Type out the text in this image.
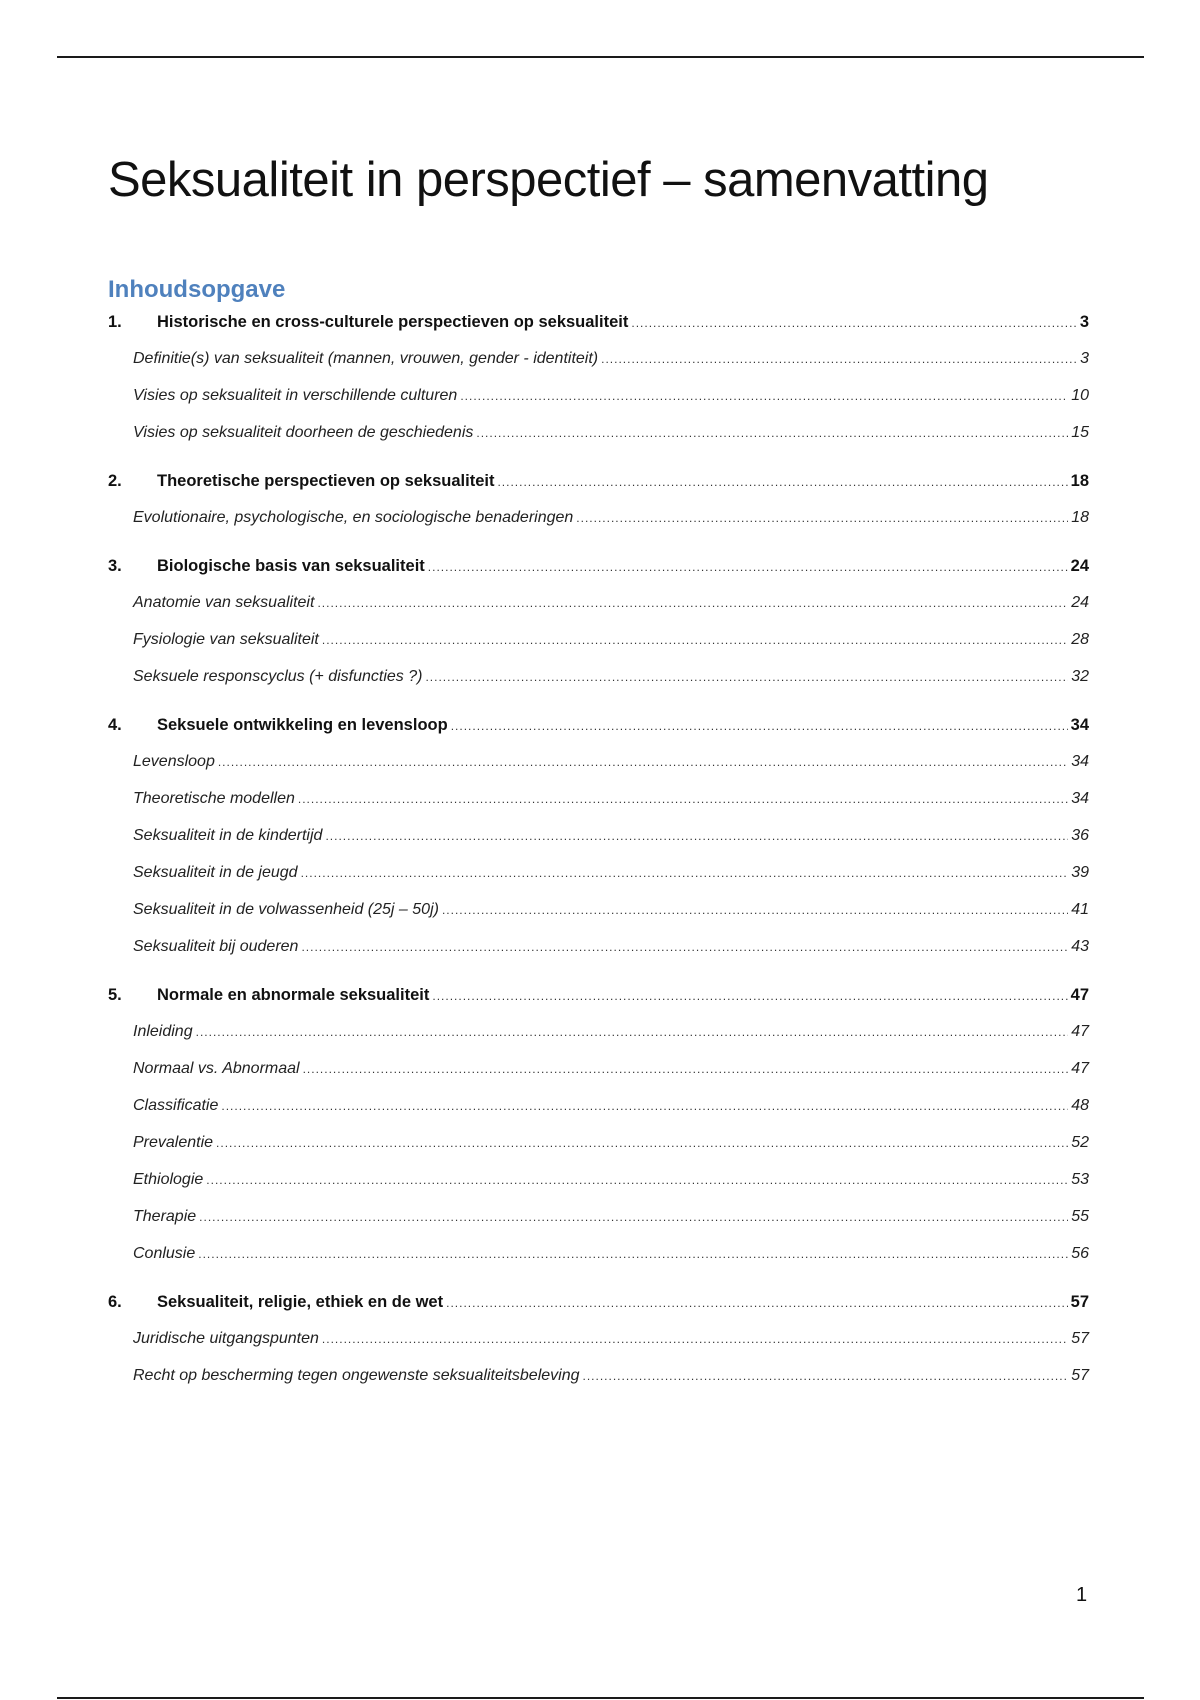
Seksualiteit in perspectief – samenvatting
Inhoudsopgave
1.	Historische en cross-culturele perspectieven op seksualiteit .....	3
Definitie(s) van seksualiteit (mannen, vrouwen, gender - identiteit) .....	3
Visies op seksualiteit in verschillende culturen .....	10
Visies op seksualiteit doorheen de geschiedenis .....	15
2.	Theoretische perspectieven op seksualiteit .....	18
Evolutionaire, psychologische, en sociologische benaderingen .....	18
3.	Biologische basis van seksualiteit .....	24
Anatomie van seksualiteit .....	24
Fysiologie van seksualiteit .....	28
Seksuele responscyclus (+ disfuncties ?) .....	32
4.	Seksuele ontwikkeling en levensloop .....	34
Levensloop .....	34
Theoretische modellen .....	34
Seksualiteit in de kindertijd .....	36
Seksualiteit in de jeugd .....	39
Seksualiteit in de volwassenheid (25j – 50j) .....	41
Seksualiteit bij ouderen .....	43
5.	Normale en abnormale seksualiteit .....	47
Inleiding .....	47
Normaal vs. Abnormaal .....	47
Classificatie .....	48
Prevalentie .....	52
Ethiologie .....	53
Therapie .....	55
Conlusie .....	56
6.	Seksualiteit, religie, ethiek en de wet .....	57
Juridische uitgangspunten .....	57
Recht op bescherming tegen ongewenste seksualiteitsbeleving .....	57
1
